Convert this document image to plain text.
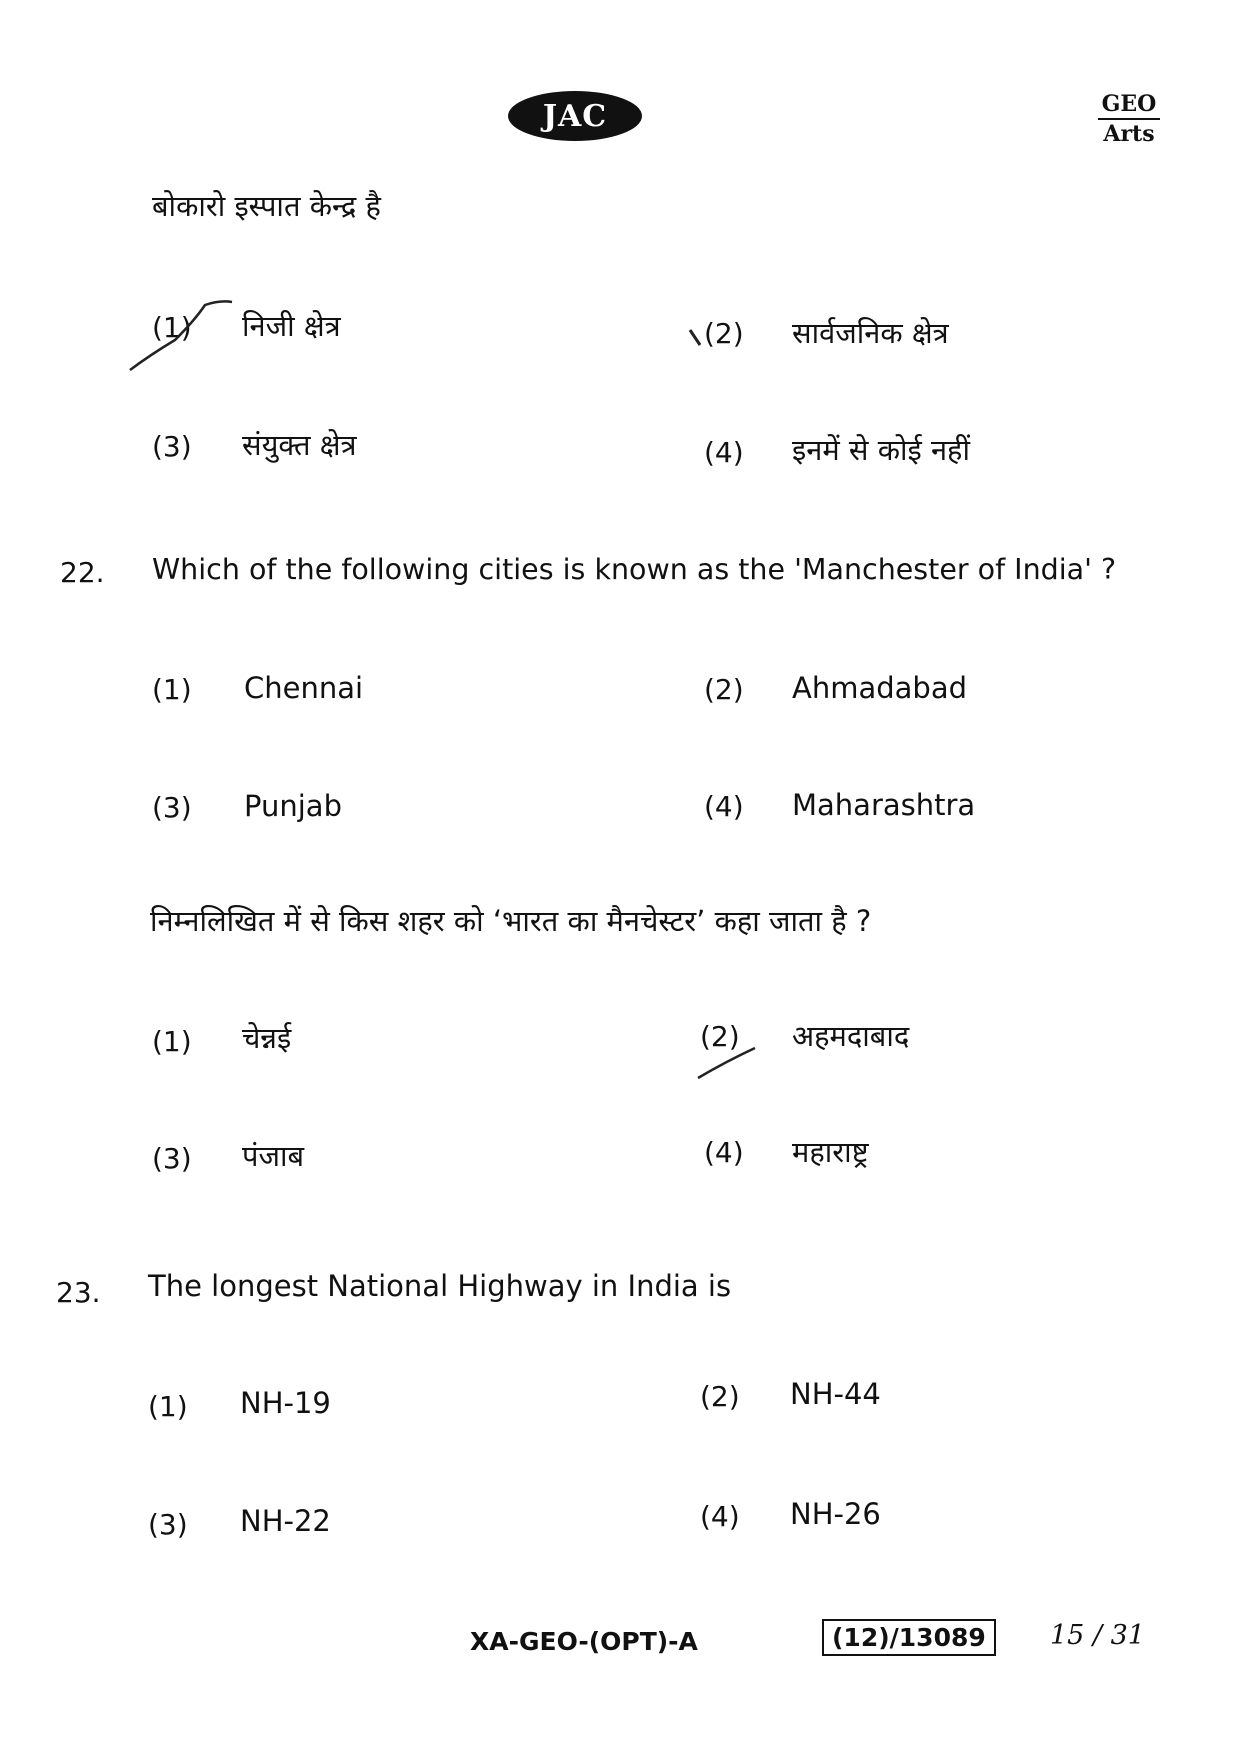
JAC	GEO
Arts
बोकारो इस्पात केन्द्र है
(1) निजी क्षेत्र	(2) सार्वजनिक क्षेत्र
(3) संयुक्त क्षेत्र	(4) इनमें से कोई नहीं
22. Which of the following cities is known as the 'Manchester of India' ?
(1) Chennai	(2) Ahmadabad
(3) Punjab	(4) Maharashtra
निम्नलिखित में से किस शहर को ‘भारत का मैनचेस्टर’ कहा जाता है ?
(1) चेन्नई	(2) अहमदाबाद
(3) पंजाब	(4) महाराष्ट्र
23. The longest National Highway in India is
(1) NH-19	(2) NH-44
(3) NH-22	(4) NH-26
XA-GEO-(OPT)-A	(12)/13089	15 / 31
